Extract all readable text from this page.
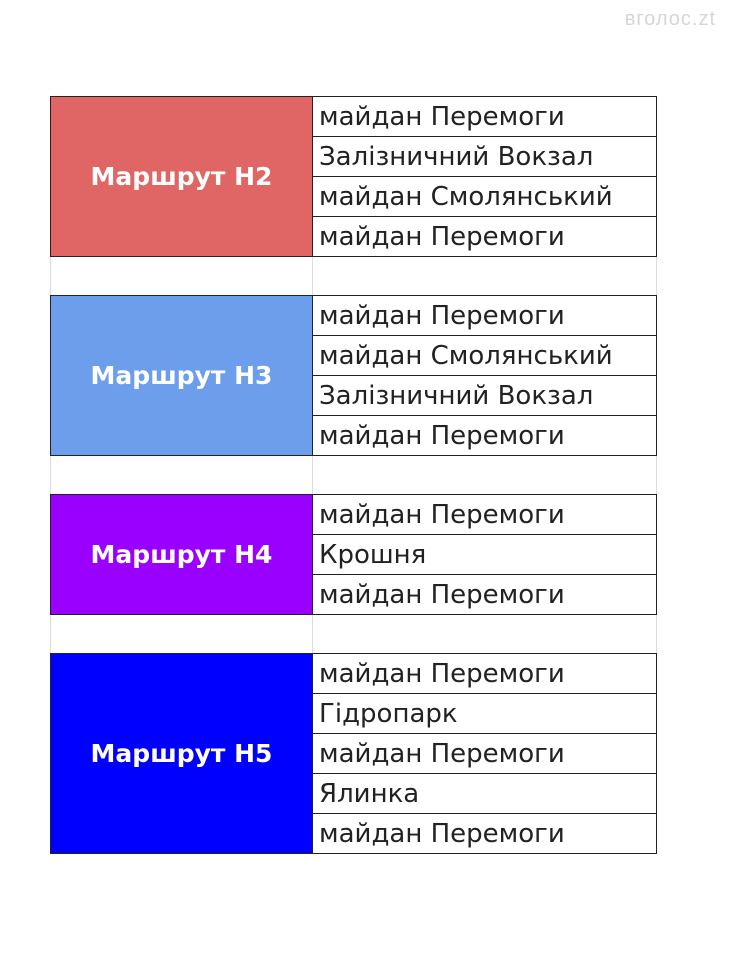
вголос.zt
Маршрут Н2	майдан Перемоги
	Залізничний Вокзал
	майдан Смолянський
	майдан Перемоги

Маршрут Н3	майдан Перемоги
	майдан Смолянський
	Залізничний Вокзал
	майдан Перемоги

Маршрут Н4	майдан Перемоги
	Крошня
	майдан Перемоги

Маршрут Н5	майдан Перемоги
	Гідропарк
	майдан Перемоги
	Ялинка
	майдан Перемоги
